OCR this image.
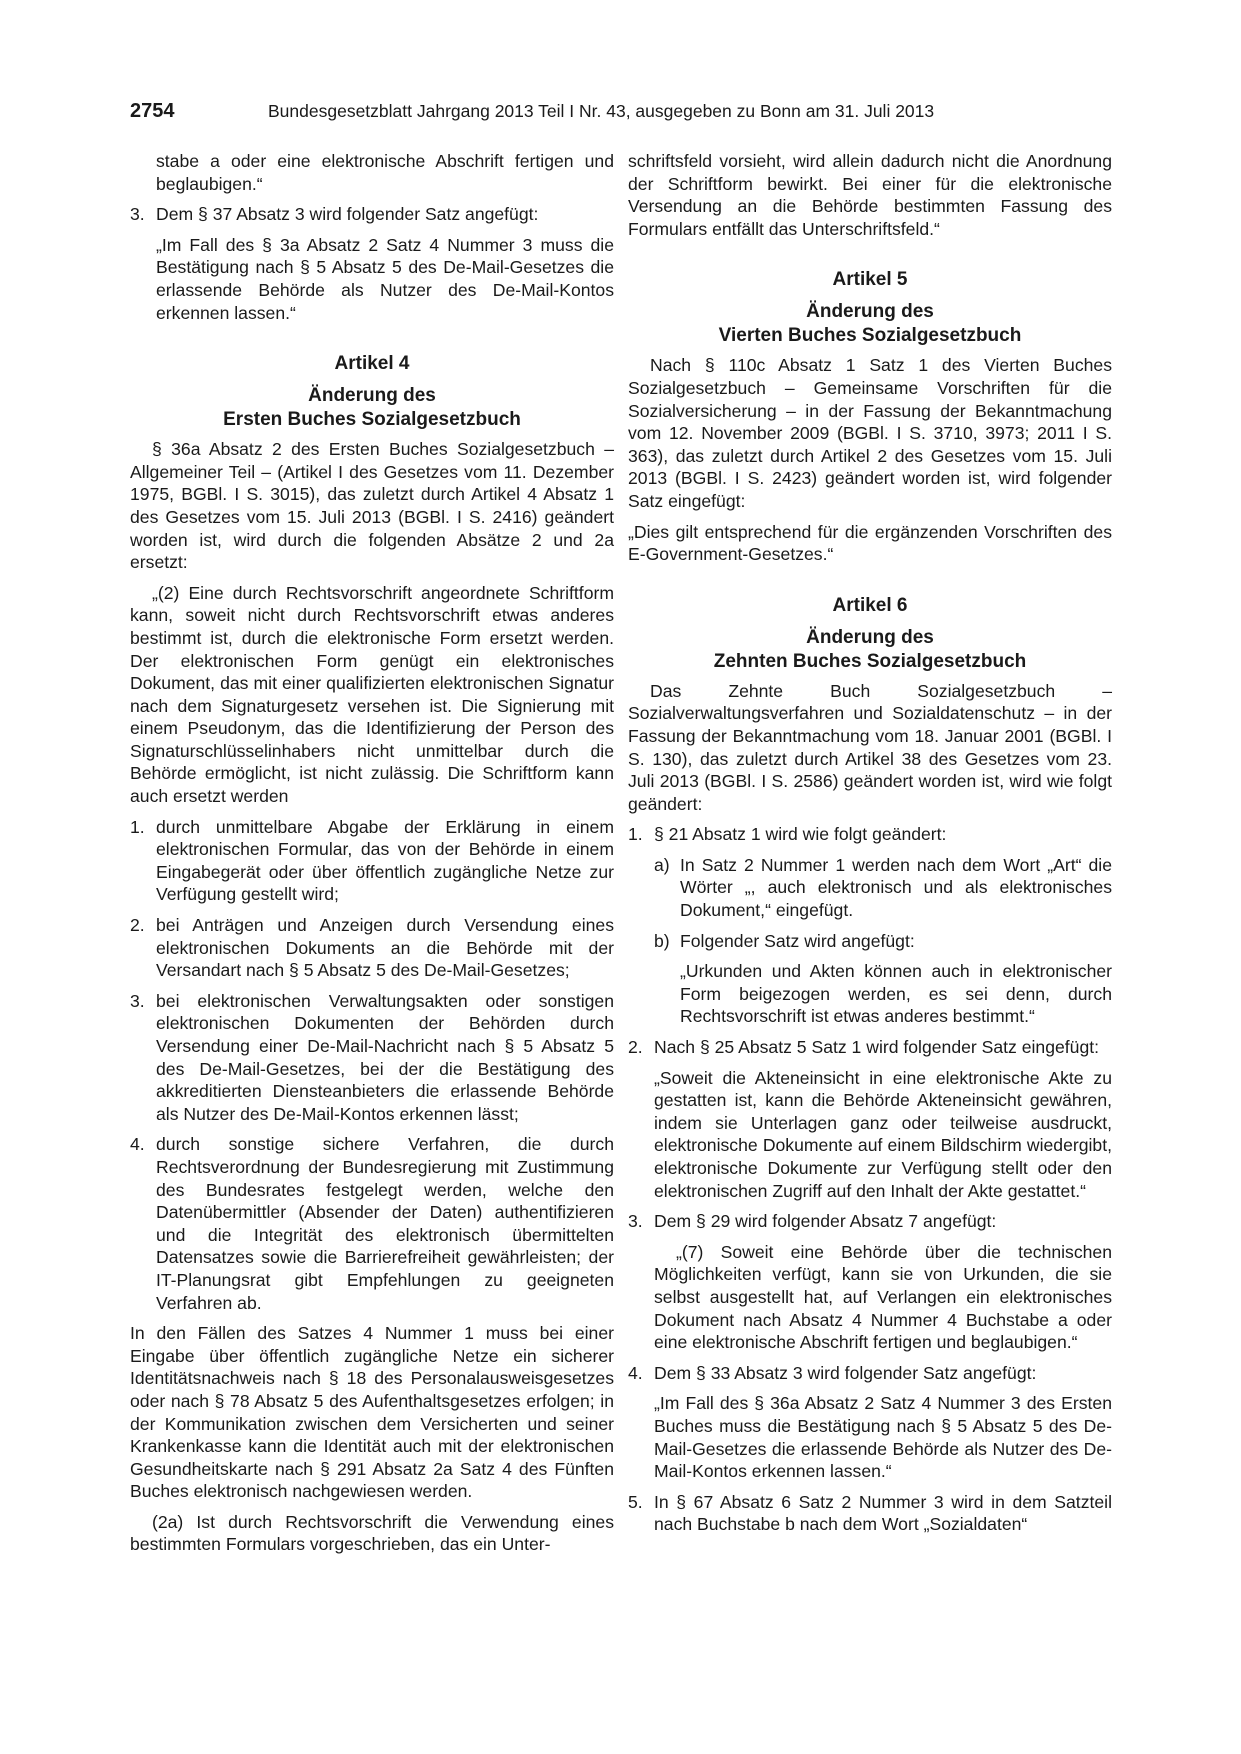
2754	Bundesgesetzblatt Jahrgang 2013 Teil I Nr. 43, ausgegeben zu Bonn am 31. Juli 2013

stabe a oder eine elektronische Abschrift fertigen und beglaubigen.“

3. Dem § 37 Absatz 3 wird folgender Satz angefügt:

„Im Fall des § 3a Absatz 2 Satz 4 Nummer 3 muss die Bestätigung nach § 5 Absatz 5 des De-Mail-Gesetzes die erlassende Behörde als Nutzer des De-Mail-Kontos erkennen lassen.“

Artikel 4

Änderung des

Ersten Buches Sozialgesetzbuch

§ 36a Absatz 2 des Ersten Buches Sozialgesetzbuch – Allgemeiner Teil – (Artikel I des Gesetzes vom 11. Dezember 1975, BGBl. I S. 3015), das zuletzt durch Artikel 4 Absatz 1 des Gesetzes vom 15. Juli 2013 (BGBl. I S. 2416) geändert worden ist, wird durch die folgenden Absätze 2 und 2a ersetzt:

„(2) Eine durch Rechtsvorschrift angeordnete Schriftform kann, soweit nicht durch Rechtsvorschrift etwas anderes bestimmt ist, durch die elektronische Form ersetzt werden. Der elektronischen Form genügt ein elektronisches Dokument, das mit einer qualifizierten elektronischen Signatur nach dem Signaturgesetz versehen ist. Die Signierung mit einem Pseudonym, das die Identifizierung der Person des Signaturschlüsselinhabers nicht unmittelbar durch die Behörde ermöglicht, ist nicht zulässig. Die Schriftform kann auch ersetzt werden

1. durch unmittelbare Abgabe der Erklärung in einem elektronischen Formular, das von der Behörde in einem Eingabegerät oder über öffentlich zugängliche Netze zur Verfügung gestellt wird;

2. bei Anträgen und Anzeigen durch Versendung eines elektronischen Dokuments an die Behörde mit der Versandart nach § 5 Absatz 5 des De-Mail-Gesetzes;

3. bei elektronischen Verwaltungsakten oder sonstigen elektronischen Dokumenten der Behörden durch Versendung einer De-Mail-Nachricht nach § 5 Absatz 5 des De-Mail-Gesetzes, bei der die Bestätigung des akkreditierten Diensteanbieters die erlassende Behörde als Nutzer des De-Mail-Kontos erkennen lässt;

4. durch sonstige sichere Verfahren, die durch Rechtsverordnung der Bundesregierung mit Zustimmung des Bundesrates festgelegt werden, welche den Datenübermittler (Absender der Daten) authentifizieren und die Integrität des elektronisch übermittelten Datensatzes sowie die Barrierefreiheit gewährleisten; der IT-Planungsrat gibt Empfehlungen zu geeigneten Verfahren ab.

In den Fällen des Satzes 4 Nummer 1 muss bei einer Eingabe über öffentlich zugängliche Netze ein sicherer Identitätsnachweis nach § 18 des Personalausweisgesetzes oder nach § 78 Absatz 5 des Aufenthaltsgesetzes erfolgen; in der Kommunikation zwischen dem Versicherten und seiner Krankenkasse kann die Identität auch mit der elektronischen Gesundheitskarte nach § 291 Absatz 2a Satz 4 des Fünften Buches elektronisch nachgewiesen werden.

(2a) Ist durch Rechtsvorschrift die Verwendung eines bestimmten Formulars vorgeschrieben, das ein Unter-

schriftsfeld vorsieht, wird allein dadurch nicht die Anordnung der Schriftform bewirkt. Bei einer für die elektronische Versendung an die Behörde bestimmten Fassung des Formulars entfällt das Unterschriftsfeld.“

Artikel 5

Änderung des

Vierten Buches Sozialgesetzbuch

Nach § 110c Absatz 1 Satz 1 des Vierten Buches Sozialgesetzbuch – Gemeinsame Vorschriften für die Sozialversicherung – in der Fassung der Bekanntmachung vom 12. November 2009 (BGBl. I S. 3710, 3973; 2011 I S. 363), das zuletzt durch Artikel 2 des Gesetzes vom 15. Juli 2013 (BGBl. I S. 2423) geändert worden ist, wird folgender Satz eingefügt:

„Dies gilt entsprechend für die ergänzenden Vorschriften des E-Government-Gesetzes.“

Artikel 6

Änderung des

Zehnten Buches Sozialgesetzbuch

Das Zehnte Buch Sozialgesetzbuch – Sozialverwaltungsverfahren und Sozialdatenschutz – in der Fassung der Bekanntmachung vom 18. Januar 2001 (BGBl. I S. 130), das zuletzt durch Artikel 38 des Gesetzes vom 23. Juli 2013 (BGBl. I S. 2586) geändert worden ist, wird wie folgt geändert:

1. § 21 Absatz 1 wird wie folgt geändert:

a) In Satz 2 Nummer 1 werden nach dem Wort „Art“ die Wörter „, auch elektronisch und als elektronisches Dokument,“ eingefügt.

b) Folgender Satz wird angefügt:

„Urkunden und Akten können auch in elektronischer Form beigezogen werden, es sei denn, durch Rechtsvorschrift ist etwas anderes bestimmt.“

2. Nach § 25 Absatz 5 Satz 1 wird folgender Satz eingefügt:

„Soweit die Akteneinsicht in eine elektronische Akte zu gestatten ist, kann die Behörde Akteneinsicht gewähren, indem sie Unterlagen ganz oder teilweise ausdruckt, elektronische Dokumente auf einem Bildschirm wiedergibt, elektronische Dokumente zur Verfügung stellt oder den elektronischen Zugriff auf den Inhalt der Akte gestattet.“

3. Dem § 29 wird folgender Absatz 7 angefügt:

„(7) Soweit eine Behörde über die technischen Möglichkeiten verfügt, kann sie von Urkunden, die sie selbst ausgestellt hat, auf Verlangen ein elektronisches Dokument nach Absatz 4 Nummer 4 Buchstabe a oder eine elektronische Abschrift fertigen und beglaubigen.“

4. Dem § 33 Absatz 3 wird folgender Satz angefügt:

„Im Fall des § 36a Absatz 2 Satz 4 Nummer 3 des Ersten Buches muss die Bestätigung nach § 5 Absatz 5 des De-Mail-Gesetzes die erlassende Behörde als Nutzer des De-Mail-Kontos erkennen lassen.“

5. In § 67 Absatz 6 Satz 2 Nummer 3 wird in dem Satzteil nach Buchstabe b nach dem Wort „Sozialdaten“
